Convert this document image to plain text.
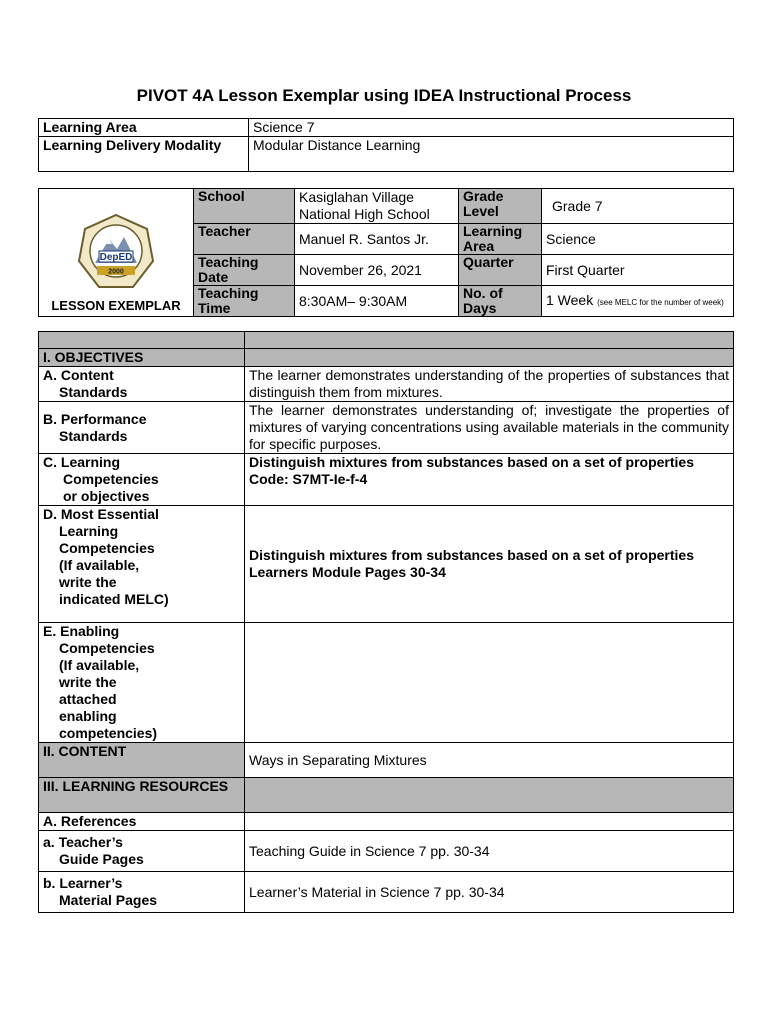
PIVOT 4A Lesson Exemplar using IDEA Instructional Process
Learning Area	Science 7
Learning Delivery Modality	Modular Distance Learning
DepED
2000
LESSON EXEMPLAR	School	Kasiglahan Village National High School	Grade Level	Grade 7
	Teacher	Manuel R. Santos Jr.	Learning Area	Science
	Teaching Date	November 26, 2021	Quarter	First Quarter
	Teaching Time	8:30AM– 9:30AM	No. of Days	1 Week (see MELC for the number of week)

I. OBJECTIVES	
A. Content
Standards	The learner demonstrates understanding of the properties of substances that distinguish them from mixtures.
B. Performance
Standards	The learner demonstrates understanding of; investigate the properties of mixtures of varying concentrations using available materials in the community for specific purposes.
C. Learning
Competencies
or objectives	Distinguish mixtures from substances based on a set of properties
Code: S7MT-Ie-f-4
D. Most Essential
Learning Competencies (If available, write the indicated MELC)	Distinguish mixtures from substances based on a set of properties
Learners Module Pages 30-34
E. Enabling
Competencies (If available, write the attached enabling competencies)	

II. CONTENT	Ways in Separating Mixtures
III. LEARNING RESOURCES	
A. References	
a. Teacher’s
Guide Pages	Teaching Guide in Science 7 pp. 30-34
b. Learner’s
Material Pages	Learner’s Material in Science 7 pp. 30-34
